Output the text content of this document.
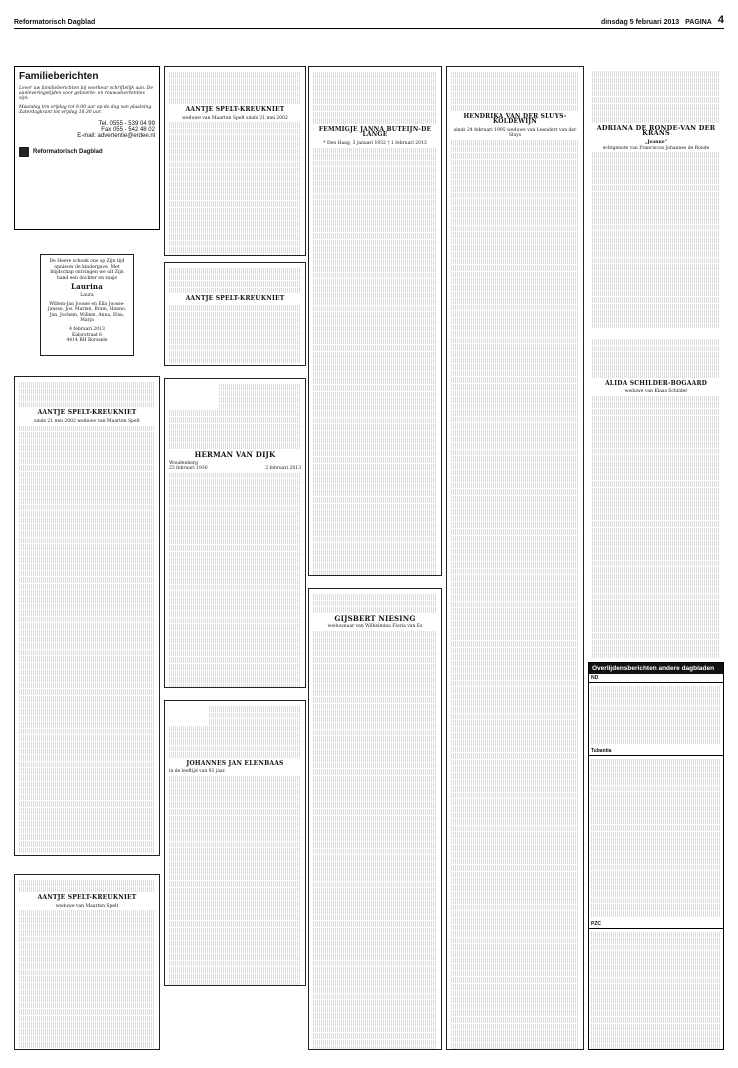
Reformatorisch Dagblad	dinsdag 5 februari 2013 PAGINA 4
Familieberichten

Lever uw familieberichten bij voorkeur schriftelijk aan. De aanleveringstijden voor geboorte- en rouwadvertenties zijn:

Maandag t/m vrijdag tot 9.00 uur op de dag van plaatsing. Zaterdagkrant tot vrijdag 18.30 uur.

Tel. 0555 - 539 04 99
Fax 055 - 542 48 02
E-mail: advertentie@erdee.nl
Reformatorisch Dagblad
De Heere schonk ons op Zijn tijd opnieuw de kindergave. Met blijdschap ontvingen we uit Zijn hand een dochter en zusje
Laurina
Laura
Willem-Jan Joosse en Ella Joosse-Jansse, Jos, Marien, Bram, Hanno, Jan, Jochem, Willem, Anna, Elsa, Marja
4 februari 2013
Kalorstraat 6
4414 BH Borssele
AANTJE SPELT-KREUKNIET
sinds 21 mei 2002 weduwe van Maarten Spelt
AANTJE SPELT-KREUKNIET
weduwe van Maarten Spelt
AANTJE SPELT-KREUKNIET
weduwe van Maarten Spelt sinds 21 mei 2002
AANTJE SPELT-KREUKNIET
HERMAN VAN DIJK
Woudenberg
23 februari 1930	2 februari 2013
JOHANNES JAN ELENBAAS
in de leeftijd van 92 jaar.
FEMMIGJE JANNA BUTEIJN-DE LANGE
* Den Haag, 3 januari 1932 † 1 februari 2013
GIJSBERT NIESING
weduwnaar van Wilhelmina Floria van Es
HENDRIKA VAN DER SLUYS-KOLDEWIJN
sinds 24 februari 1995 weduwe van Leendert van der Sluys
ADRIANA DE RONDE-VAN DER KRANS
„Jeanne”
echtgenote van Franciscus Johannes de Ronde
ALIDA SCHILDER-BOGAARD
weduwe van Klaas Schilder
Overlijdensberichten andere dagbladen
ND
Tubantia
PZC
